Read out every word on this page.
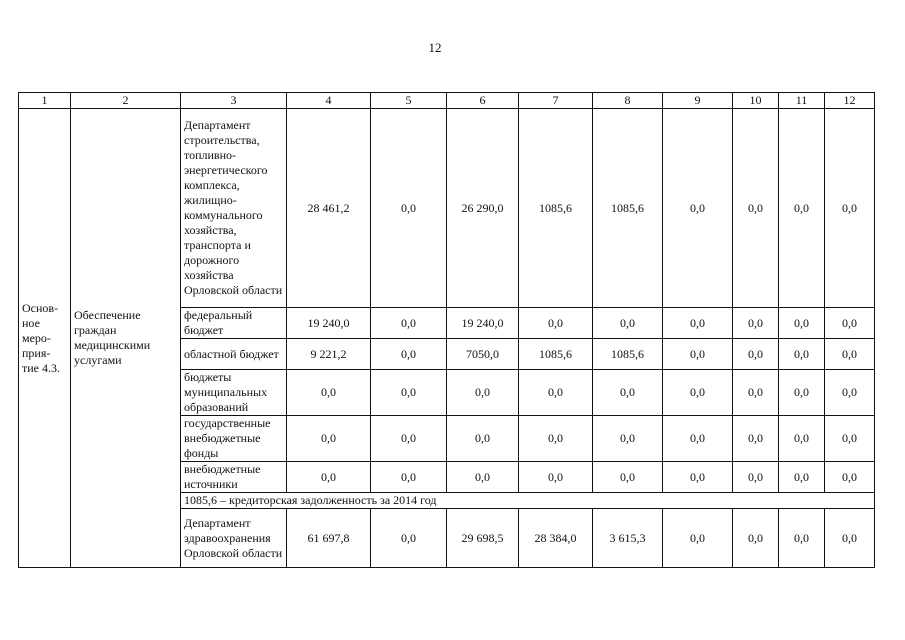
12
1	2	3	4	5	6	7	8	9	10	11	12
Основ-ное меро-прия-тие 4.3.	Обеспечение граждан медицинскими услугами	Департамент строительства, топливно-энергетического комплекса, жилищно-коммунального хозяйства, транспорта и дорожного хозяйства Орловской области	28 461,2	0,0	26 290,0	1085,6	1085,6	0,0	0,0	0,0	0,0
		федеральный бюджет	19 240,0	0,0	19 240,0	0,0	0,0	0,0	0,0	0,0	0,0
		областной бюджет	9 221,2	0,0	7050,0	1085,6	1085,6	0,0	0,0	0,0	0,0
		бюджеты муниципальных образований	0,0	0,0	0,0	0,0	0,0	0,0	0,0	0,0	0,0
		государственные внебюджетные фонды	0,0	0,0	0,0	0,0	0,0	0,0	0,0	0,0	0,0
		внебюджетные источники	0,0	0,0	0,0	0,0	0,0	0,0	0,0	0,0	0,0
		1085,6 – кредиторская задолженность за 2014 год									
		Департамент здравоохранения Орловской области	61 697,8	0,0	29 698,5	28 384,0	3 615,3	0,0	0,0	0,0	0,0
